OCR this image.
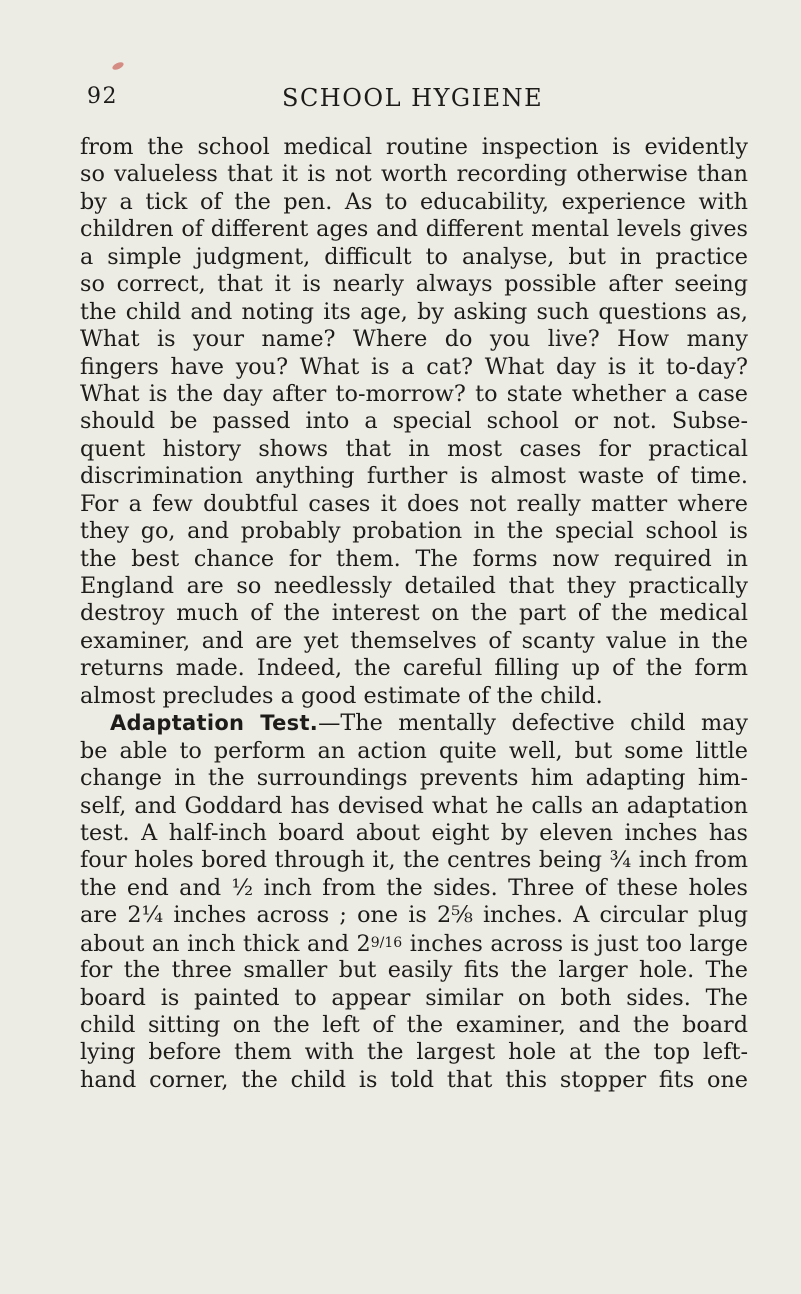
92	SCHOOL HYGIENE
from the school medical routine inspection is evidently
so valueless that it is not worth recording otherwise than
by a tick of the pen. As to educability, experience with
children of different ages and different mental levels gives
a simple judgment, difficult to analyse, but in practice
so correct, that it is nearly always possible after seeing
the child and noting its age, by asking such questions as,
What is your name? Where do you live? How many
fingers have you? What is a cat? What day is it to-day?
What is the day after to-morrow? to state whether a case
should be passed into a special school or not. Subse-
quent history shows that in most cases for practical
discrimination anything further is almost waste of time.
For a few doubtful cases it does not really matter where
they go, and probably probation in the special school is
the best chance for them. The forms now required in
England are so needlessly detailed that they practically
destroy much of the interest on the part of the medical
examiner, and are yet themselves of scanty value in the
returns made. Indeed, the careful filling up of the form
almost precludes a good estimate of the child.
Adaptation Test.—The mentally defective child may
be able to perform an action quite well, but some little
change in the surroundings prevents him adapting him-
self, and Goddard has devised what he calls an adaptation
test. A half-inch board about eight by eleven inches has
four holes bored through it, the centres being ¾ inch from
the end and ½ inch from the sides. Three of these holes
are 2¼ inches across ; one is 2⅝ inches. A circular plug
about an inch thick and 29/16 inches across is just too large
for the three smaller but easily fits the larger hole. The
board is painted to appear similar on both sides. The
child sitting on the left of the examiner, and the board
lying before them with the largest hole at the top left-
hand corner, the child is told that this stopper fits one
